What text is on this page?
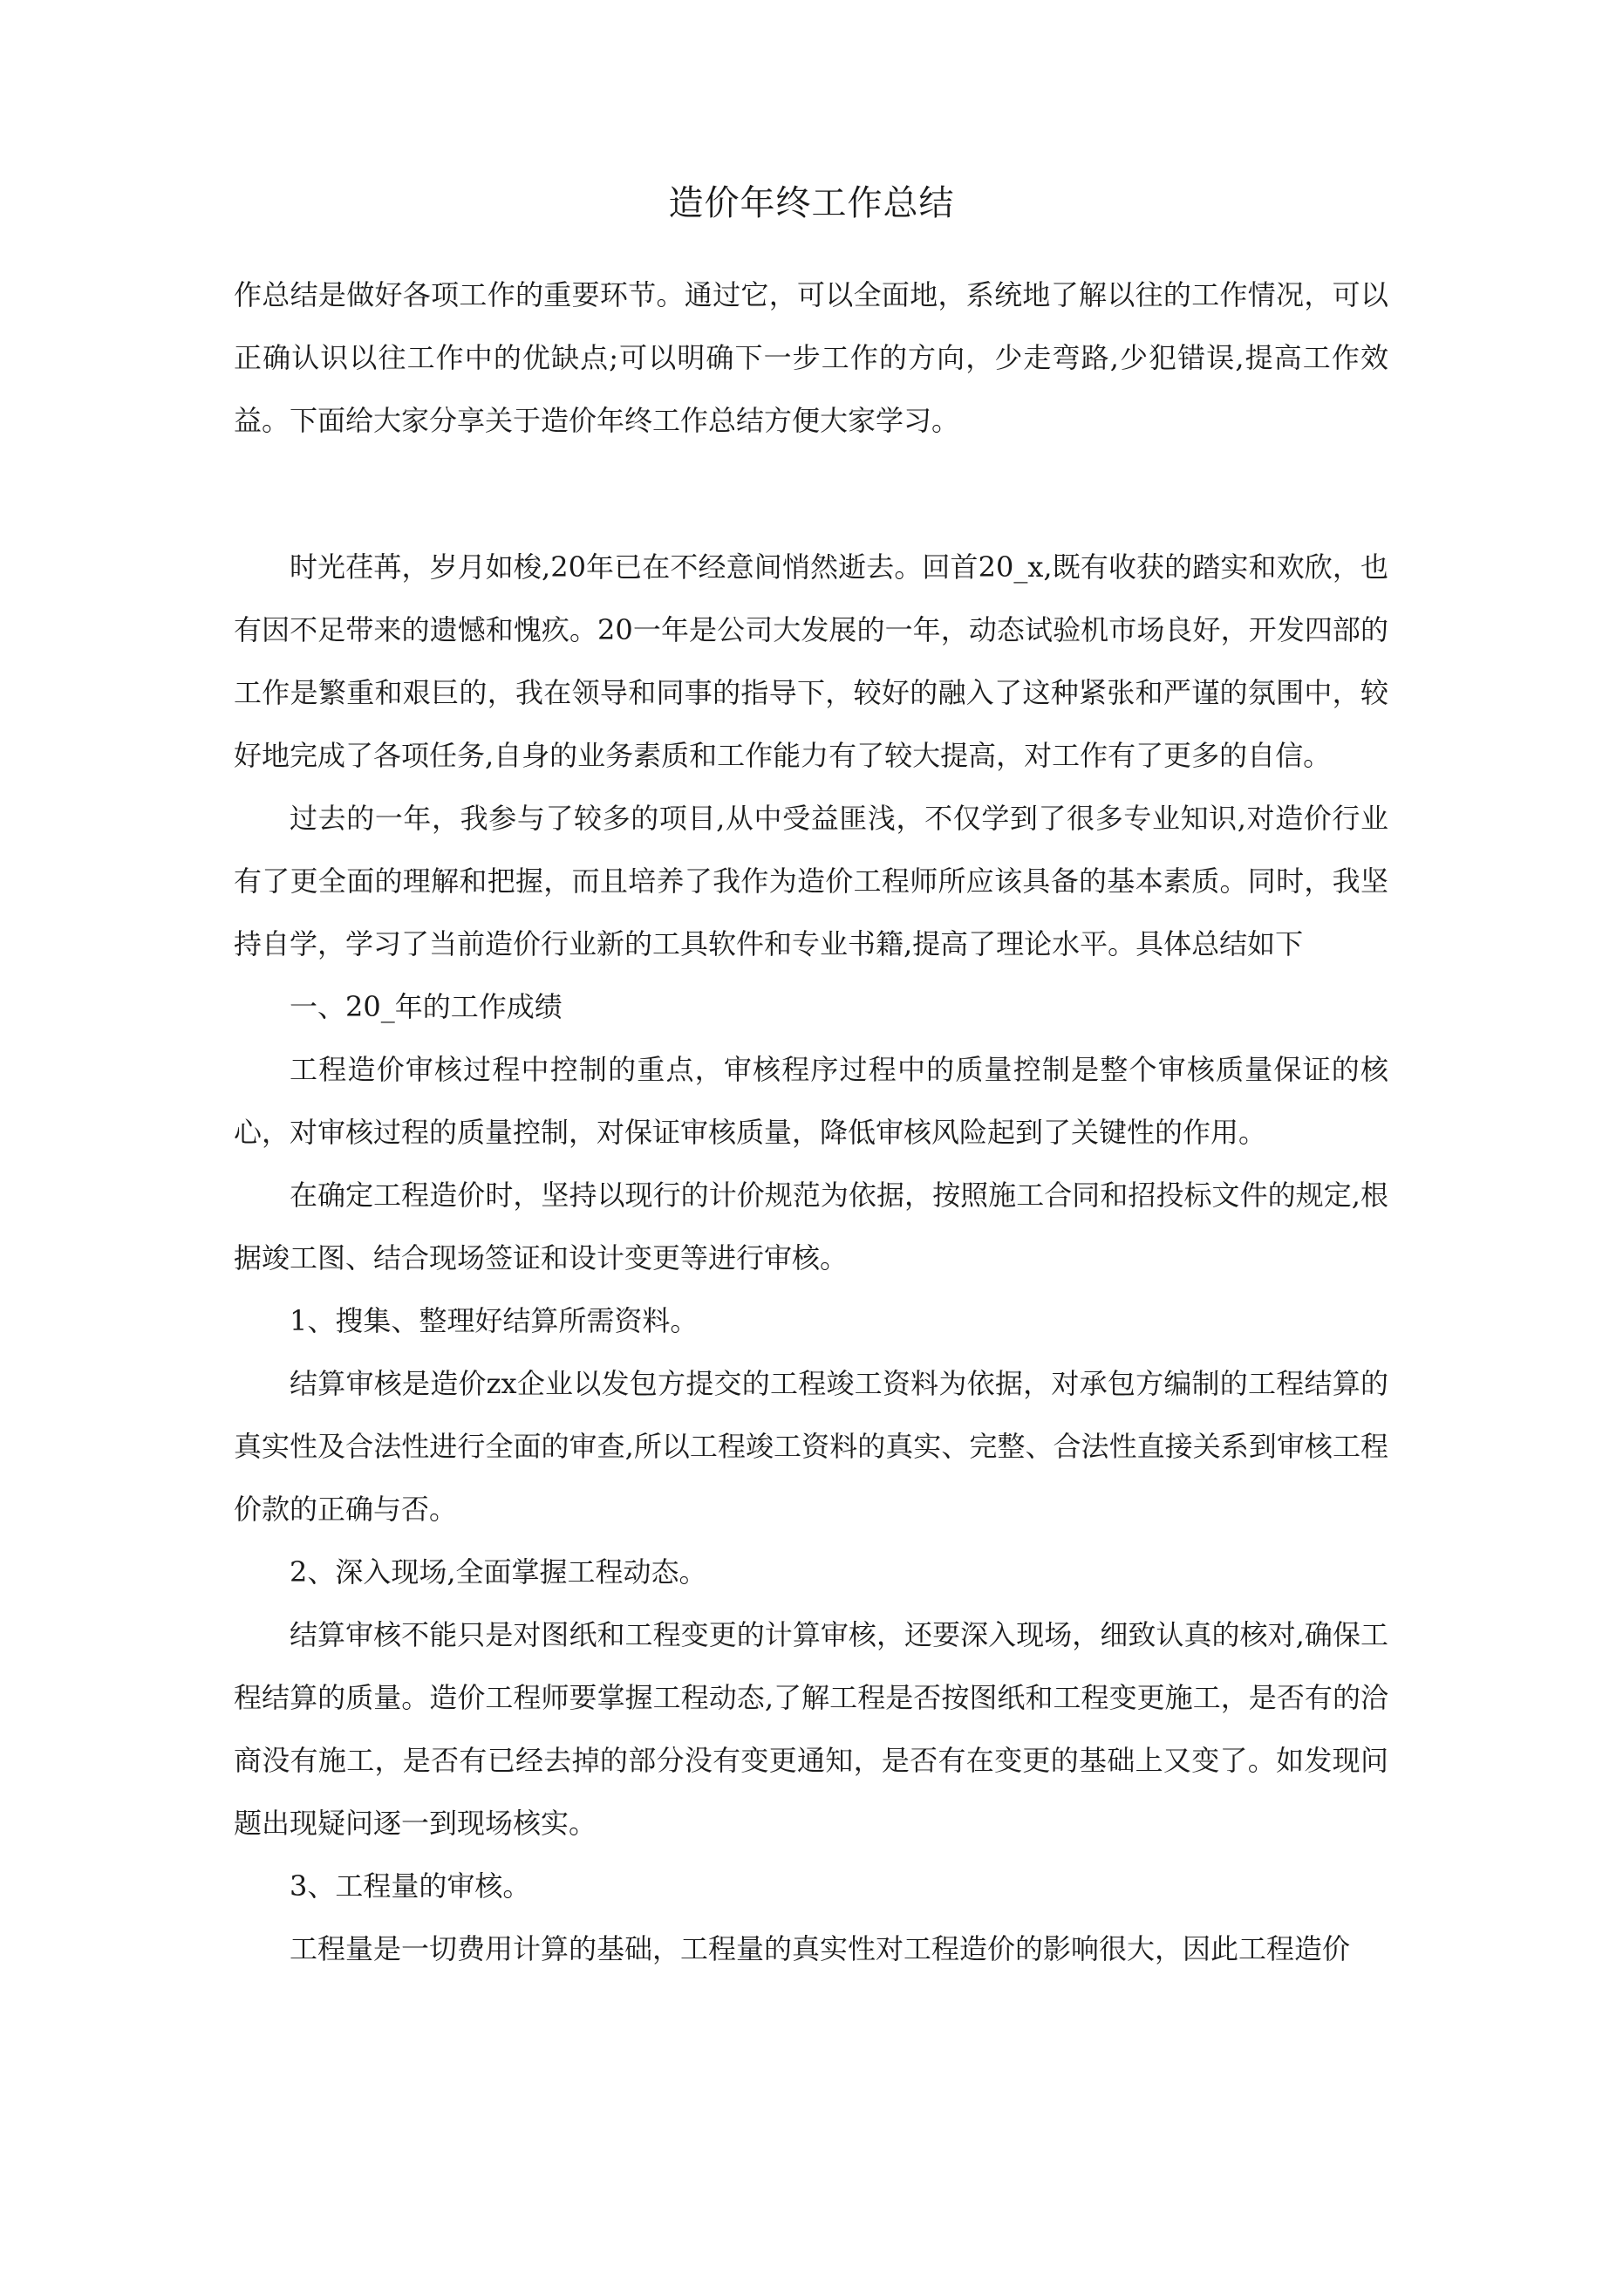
造价年终工作总结

作总结是做好各项工作的重要环节。通过它，可以全面地，系统地了解以往的工作情况，可以正确认识以往工作中的优缺点;可以明确下一步工作的方向，少走弯路,少犯错误,提高工作效益。下面给大家分享关于造价年终工作总结方便大家学习。

时光荏苒，岁月如梭,20年已在不经意间悄然逝去。回首20_x,既有收获的踏实和欢欣，也有因不足带来的遗憾和愧疚。20一年是公司大发展的一年，动态试验机市场良好，开发四部的工作是繁重和艰巨的，我在领导和同事的指导下，较好的融入了这种紧张和严谨的氛围中，较好地完成了各项任务,自身的业务素质和工作能力有了较大提高，对工作有了更多的自信。

过去的一年，我参与了较多的项目,从中受益匪浅，不仅学到了很多专业知识,对造价行业有了更全面的理解和把握，而且培养了我作为造价工程师所应该具备的基本素质。同时，我坚持自学，学习了当前造价行业新的工具软件和专业书籍,提高了理论水平。具体总结如下

一、20_年的工作成绩

工程造价审核过程中控制的重点，审核程序过程中的质量控制是整个审核质量保证的核心，对审核过程的质量控制，对保证审核质量，降低审核风险起到了关键性的作用。

在确定工程造价时，坚持以现行的计价规范为依据，按照施工合同和招投标文件的规定,根据竣工图、结合现场签证和设计变更等进行审核。

1、搜集、整理好结算所需资料。

结算审核是造价zx企业以发包方提交的工程竣工资料为依据，对承包方编制的工程结算的真实性及合法性进行全面的审查,所以工程竣工资料的真实、完整、合法性直接关系到审核工程价款的正确与否。

2、深入现场,全面掌握工程动态。

结算审核不能只是对图纸和工程变更的计算审核，还要深入现场，细致认真的核对,确保工程结算的质量。造价工程师要掌握工程动态,了解工程是否按图纸和工程变更施工，是否有的洽商没有施工，是否有已经去掉的部分没有变更通知，是否有在变更的基础上又变了。如发现问题出现疑问逐一到现场核实。

3、工程量的审核。

工程量是一切费用计算的基础，工程量的真实性对工程造价的影响很大，因此工程造价
